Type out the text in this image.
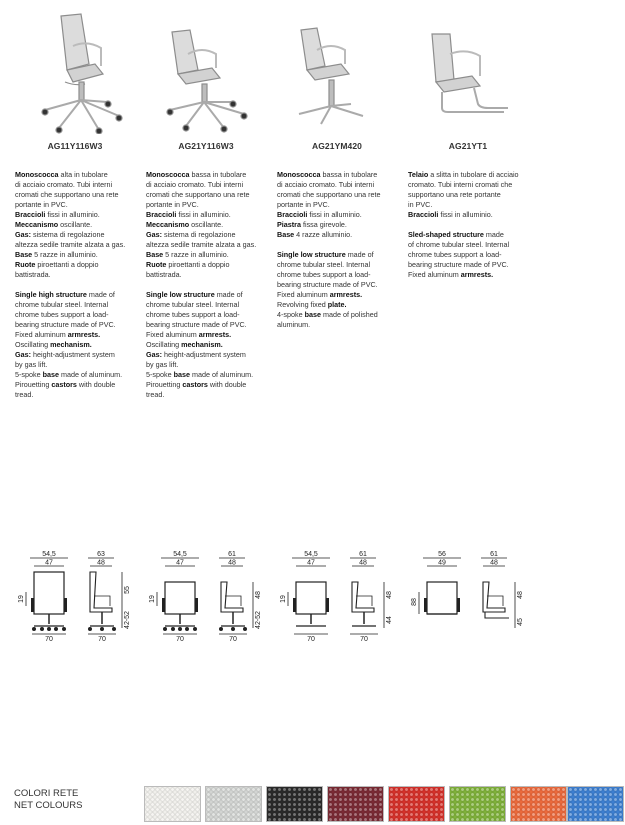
AG11Y116W3

Monoscocca alta in tubolare
di acciaio cromato. Tubi interni
cromati che supportano una rete
portante in PVC.
Braccioli fissi in alluminio.
Meccanismo oscillante.
Gas: sistema di regolazione
altezza sedile tramite alzata a gas.
Base 5 razze in alluminio.
Ruote piroettanti a doppio
battistrada.

Single high structure made of
chrome tubular steel. Internal
chrome tubes support a load-
bearing structure made of PVC.
Fixed aluminum armrests.
Oscillating mechanism.
Gas: height-adjustment system
by gas lift.
5-spoke base made of aluminum.
Pirouetting castors with double
tread.

AG21Y116W3

Monoscocca bassa in tubolare
di acciaio cromato. Tubi interni
cromati che supportano una rete
portante in PVC.
Braccioli fissi in alluminio.
Meccanismo oscillante.
Gas: sistema di regolazione
altezza sedile tramite alzata a gas.
Base 5 razze in alluminio.
Ruote piroettanti a doppio
battistrada.

Single low structure made of
chrome tubular steel. Internal
chrome tubes support a load-
bearing structure made of PVC.
Fixed aluminum armrests.
Oscillating mechanism.
Gas: height-adjustment system
by gas lift.
5-spoke base made of aluminum.
Pirouetting castors with double
tread.

AG21YM420

Monoscocca bassa in tubolare
di acciaio cromato. Tubi interni
cromati che supportano una rete
portante in PVC.
Braccioli fissi in alluminio.
Piastra fissa girevole.
Base 4 razze alluminio.

Single low structure made of
chrome tubular steel. Internal
chrome tubes support a load-
bearing structure made of PVC.
Fixed aluminum armrests.
Revolving fixed plate.
4-spoke base made of polished
aluminum.

AG21YT1

Telaio a slitta in tubolare di acciaio
cromato. Tubi interni cromati che
supportano una rete portante
in PVC.
Braccioli fissi in alluminio.

Sled-shaped structure made
of chrome tubular steel. Internal
chrome tubes support a load-
bearing structure made of PVC.
Fixed aluminum armrests.

54,5
47
63
48
70	70
19
55
42-52
54,5
47
61
48
70	70
19
48
42-52
54,5
47
61
48
70	70
19
48
44
56
49
61
48
88
48
45
COLORI RETE
NET COLOURS
